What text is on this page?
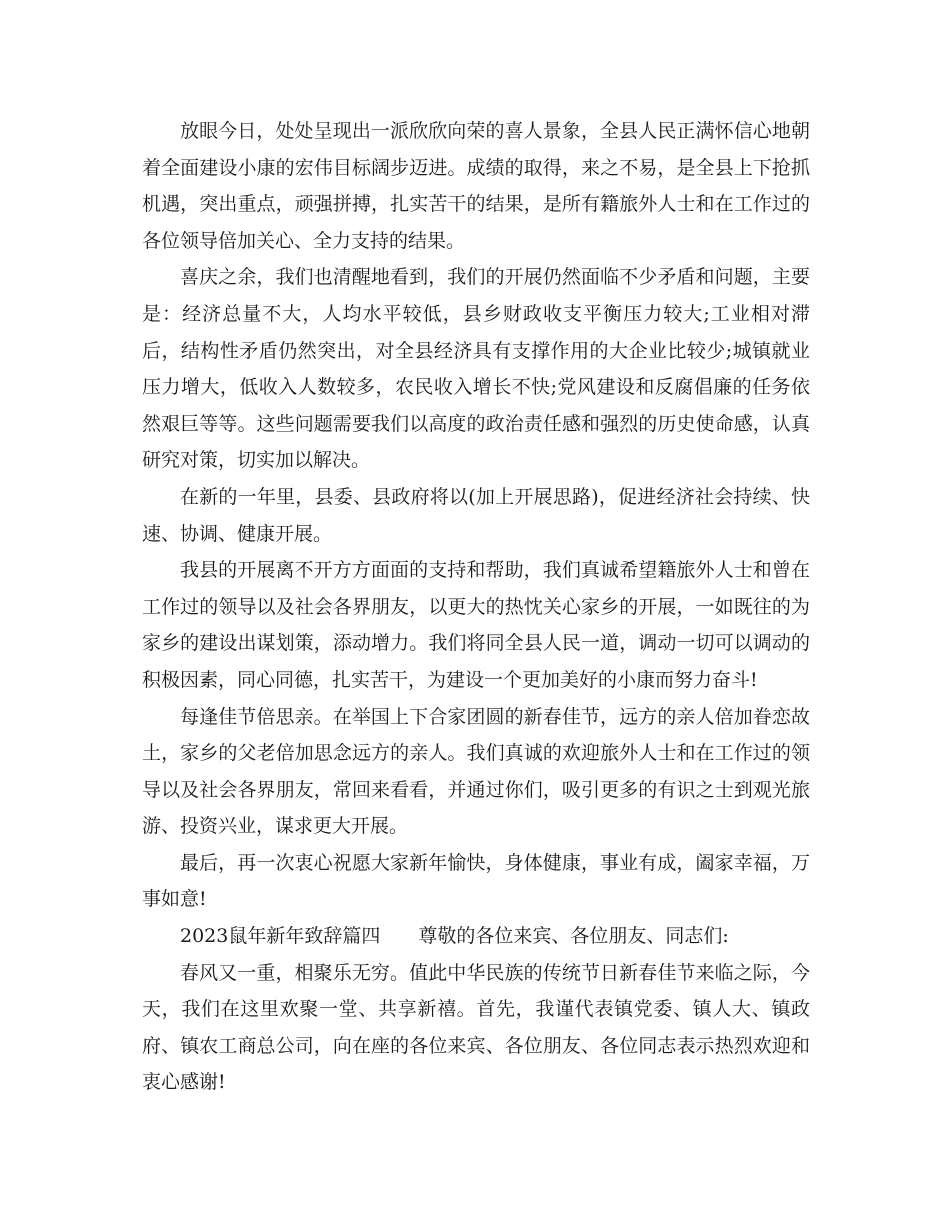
放眼今日，处处呈现出一派欣欣向荣的喜人景象，全县人民正满怀信心地朝着全面建设小康的宏伟目标阔步迈进。成绩的取得，来之不易，是全县上下抢抓机遇，突出重点，顽强拼搏，扎实苦干的结果，是所有籍旅外人士和在工作过的各位领导倍加关心、全力支持的结果。

喜庆之余，我们也清醒地看到，我们的开展仍然面临不少矛盾和问题，主要是：经济总量不大，人均水平较低，县乡财政收支平衡压力较大;工业相对滞后，结构性矛盾仍然突出，对全县经济具有支撑作用的大企业比较少;城镇就业压力增大，低收入人数较多，农民收入增长不快;党风建设和反腐倡廉的任务依然艰巨等等。这些问题需要我们以高度的政治责任感和强烈的历史使命感，认真研究对策，切实加以解决。

在新的一年里，县委、县政府将以(加上开展思路)，促进经济社会持续、快速、协调、健康开展。

我县的开展离不开方方面面的支持和帮助，我们真诚希望籍旅外人士和曾在工作过的领导以及社会各界朋友，以更大的热忱关心家乡的开展，一如既往的为家乡的建设出谋划策，添动增力。我们将同全县人民一道，调动一切可以调动的积极因素，同心同德，扎实苦干，为建设一个更加美好的小康而努力奋斗!

每逢佳节倍思亲。在举国上下合家团圆的新春佳节，远方的亲人倍加眷恋故土，家乡的父老倍加思念远方的亲人。我们真诚的欢迎旅外人士和在工作过的领导以及社会各界朋友，常回来看看，并通过你们，吸引更多的有识之士到观光旅游、投资兴业，谋求更大开展。

最后，再一次衷心祝愿大家新年愉快，身体健康，事业有成，阖家幸福，万事如意!

2023鼠年新年致辞篇四 尊敬的各位来宾、各位朋友、同志们:

春风又一重，相聚乐无穷。值此中华民族的传统节日新春佳节来临之际，今天，我们在这里欢聚一堂、共享新禧。首先，我谨代表镇党委、镇人大、镇政府、镇农工商总公司，向在座的各位来宾、各位朋友、各位同志表示热烈欢迎和衷心感谢!
